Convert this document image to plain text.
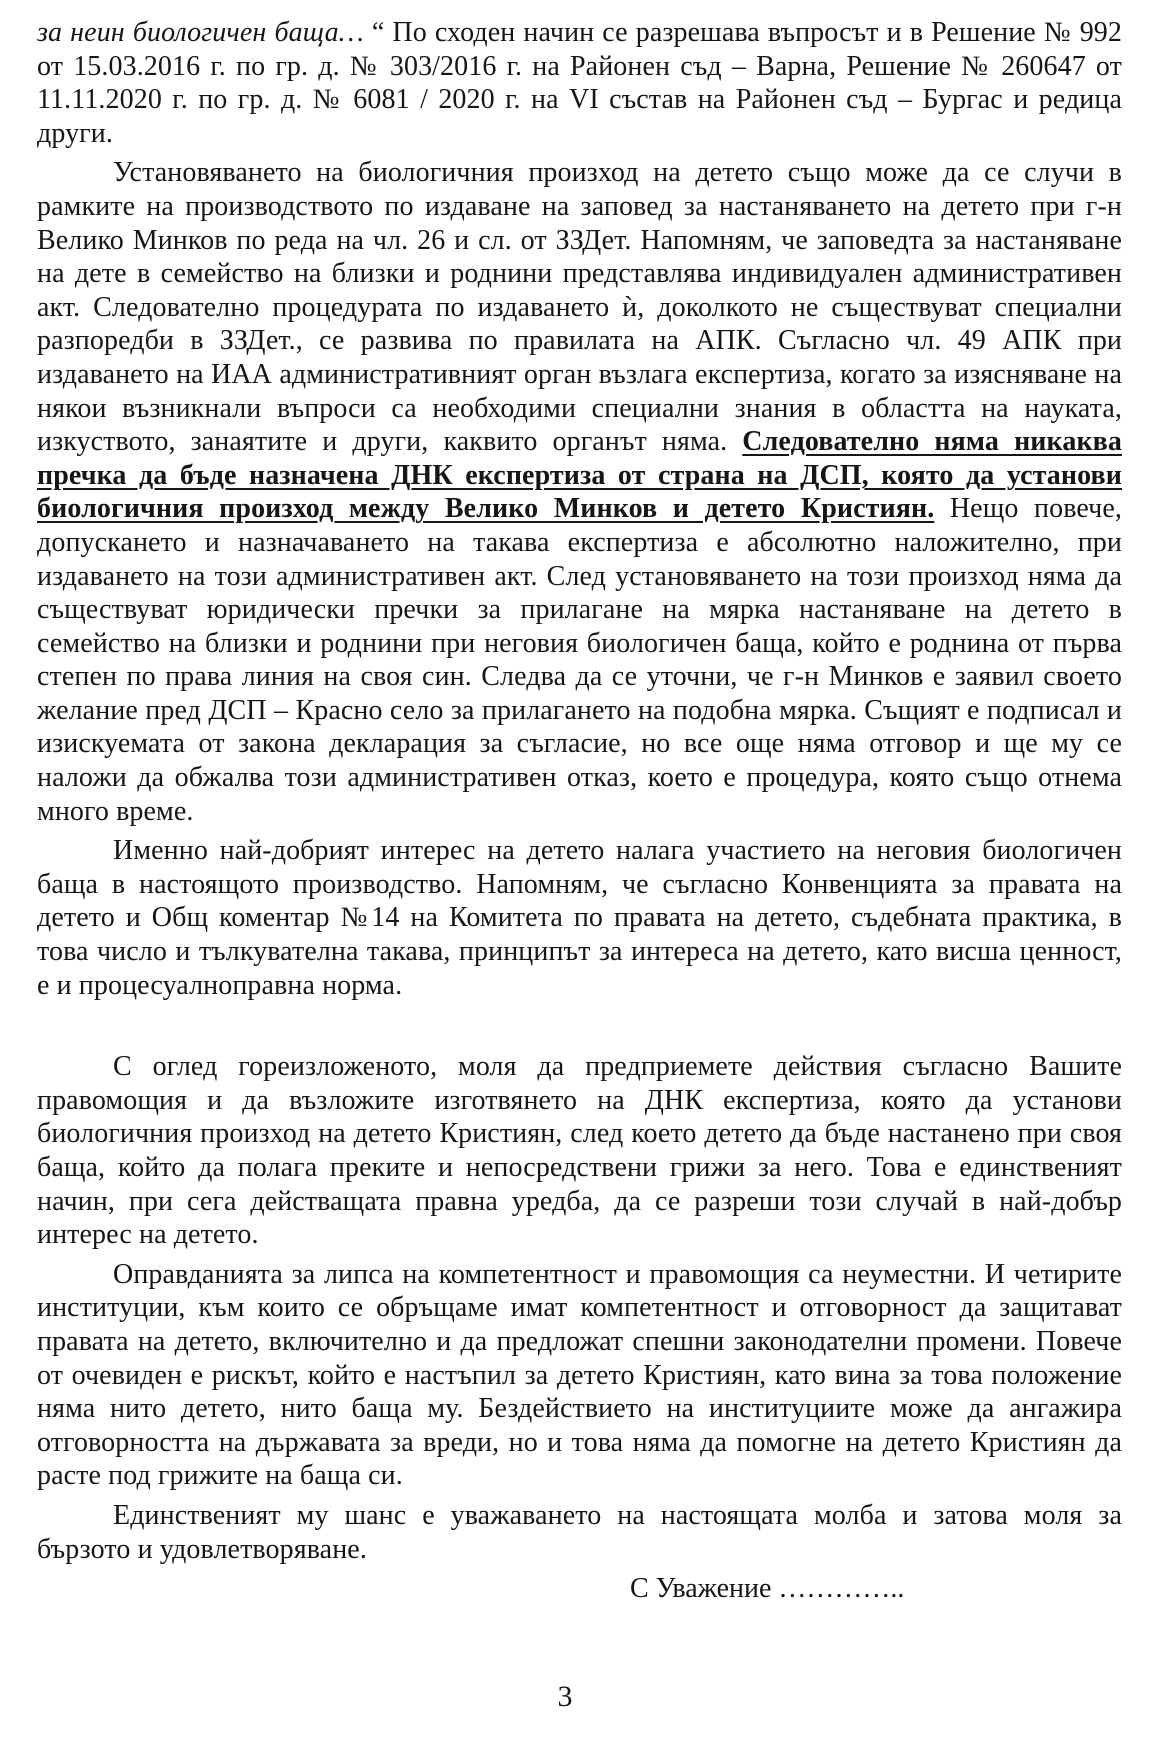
за неин биологичен баща… “ По сходен начин се разрешава въпросът и в Решение № 992 от 15.03.2016 г. по гр. д. № 303/2016 г. на Районен съд – Варна, Решение № 260647 от 11.11.2020 г. по гр. д. № 6081 / 2020 г. на VI състав на Районен съд – Бургас и редица други.

Установяването на биологичния произход на детето също може да се случи в рамките на производството по издаване на заповед за настаняването на детето при г-н Велико Минков по реда на чл. 26 и сл. от ЗЗДет. Напомням, че заповедта за настаняване на дете в семейство на близки и роднини представлява индивидуален административен акт. Следователно процедурата по издаването ѝ, доколкото не съществуват специални разпоредби в ЗЗДет., се развива по правилата на АПК. Съгласно чл. 49 АПК при издаването на ИАА административният орган възлага експертиза, когато за изясняване на някои възникнали въпроси са необходими специални знания в областта на науката, изкуството, занаятите и други, каквито органът няма. Следователно няма никаква пречка да бъде назначена ДНК експертиза от страна на ДСП, която да установи биологичния произход между Велико Минков и детето Кристиян. Нещо повече, допускането и назначаването на такава експертиза е абсолютно наложително, при издаването на този административен акт. След установяването на този произход няма да съществуват юридически пречки за прилагане на мярка настаняване на детето в семейство на близки и роднини при неговия биологичен баща, който е роднина от първа степен по права линия на своя син. Следва да се уточни, че г-н Минков е заявил своето желание пред ДСП – Красно село за прилагането на подобна мярка. Същият е подписал и изискуемата от закона декларация за съгласие, но все още няма отговор и ще му се наложи да обжалва този административен отказ, което е процедура, която също отнема много време.

Именно най-добрият интерес на детето налага участието на неговия биологичен баща в настоящото производство. Напомням, че съгласно Конвенцията за правата на детето и Общ коментар №14 на Комитета по правата на детето, съдебната практика, в това число и тълкувателна такава, принципът за интереса на детето, като висша ценност, е и процесуалноправна норма.

С оглед гореизложеното, моля да предприемете действия съгласно Вашите правомощия и да възложите изготвянето на ДНК експертиза, която да установи биологичния произход на детето Кристиян, след което детето да бъде настанено при своя баща, който да полага преките и непосредствени грижи за него. Това е единственият начин, при сега действащата правна уредба, да се разреши този случай в най-добър интерес на детето.

Оправданията за липса на компетентност и правомощия са неуместни. И четирите институции, към които се обръщаме имат компетентност и отговорност да защитават правата на детето, включително и да предложат спешни законодателни промени. Повече от очевиден е рискът, който е настъпил за детето Кристиян, като вина за това положение няма нито детето, нито баща му. Бездействието на институциите може да ангажира отговорността на държавата за вреди, но и това няма да помогне на детето Кристиян да расте под грижите на баща си.

Единственият му шанс е уважаването на настоящата молба и затова моля за бързото и удовлетворяване.

С Уважение …………..

3
